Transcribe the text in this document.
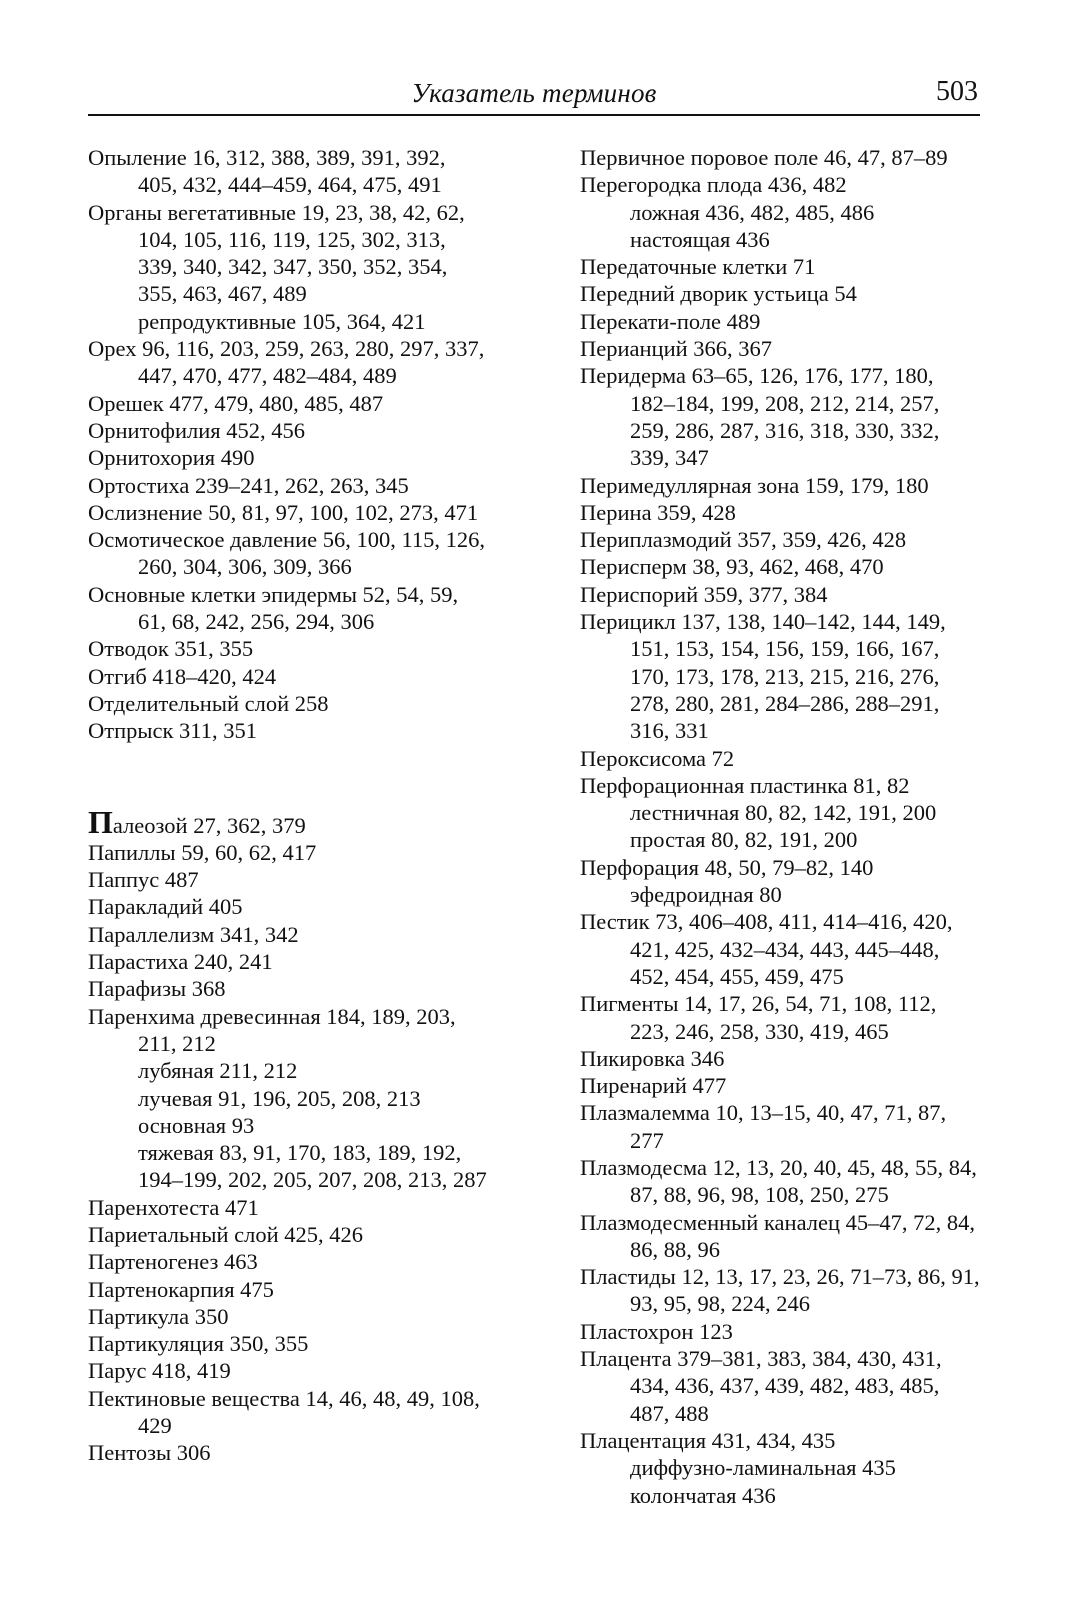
Указатель терминов	503
Опыление 16, 312, 388, 389, 391, 392, 405, 432, 444–459, 464, 475, 491
Органы вегетативные 19, 23, 38, 42, 62, 104, 105, 116, 119, 125, 302, 313, 339, 340, 342, 347, 350, 352, 354, 355, 463, 467, 489
репродуктивные 105, 364, 421
Орех 96, 116, 203, 259, 263, 280, 297, 337, 447, 470, 477, 482–484, 489
Орешек 477, 479, 480, 485, 487
Орнитофилия 452, 456
Орнитохория 490
Ортостиха 239–241, 262, 263, 345
Ослизнение 50, 81, 97, 100, 102, 273, 471
Осмотическое давление 56, 100, 115, 126, 260, 304, 306, 309, 366
Основные клетки эпидермы 52, 54, 59, 61, 68, 242, 256, 294, 306
Отводок 351, 355
Отгиб 418–420, 424
Отделительный слой 258
Отпрыск 311, 351
Палеозой 27, 362, 379
Папиллы 59, 60, 62, 417
Паппус 487
Паракладий 405
Параллелизм 341, 342
Парастиха 240, 241
Парафизы 368
Паренхима древесинная 184, 189, 203, 211, 212
лубяная 211, 212
лучевая 91, 196, 205, 208, 213
основная 93
тяжевая 83, 91, 170, 183, 189, 192, 194–199, 202, 205, 207, 208, 213, 287
Паренхотеста 471
Париетальный слой 425, 426
Партеногенез 463
Партенокарпия 475
Партикула 350
Партикуляция 350, 355
Парус 418, 419
Пектиновые вещества 14, 46, 48, 49, 108, 429
Пентозы 306
Первичное поровое поле 46, 47, 87–89
Перегородка плода 436, 482
ложная 436, 482, 485, 486
настоящая 436
Передаточные клетки 71
Передний дворик устьица 54
Перекати-поле 489
Перианций 366, 367
Перидерма 63–65, 126, 176, 177, 180, 182–184, 199, 208, 212, 214, 257, 259, 286, 287, 316, 318, 330, 332, 339, 347
Перимедуллярная зона 159, 179, 180
Перина 359, 428
Периплазмодий 357, 359, 426, 428
Перисперм 38, 93, 462, 468, 470
Периспорий 359, 377, 384
Перицикл 137, 138, 140–142, 144, 149, 151, 153, 154, 156, 159, 166, 167, 170, 173, 178, 213, 215, 216, 276, 278, 280, 281, 284–286, 288–291, 316, 331
Пероксисома 72
Перфорационная пластинка 81, 82
лестничная 80, 82, 142, 191, 200
простая 80, 82, 191, 200
Перфорация 48, 50, 79–82, 140
эфедроидная 80
Пестик 73, 406–408, 411, 414–416, 420, 421, 425, 432–434, 443, 445–448, 452, 454, 455, 459, 475
Пигменты 14, 17, 26, 54, 71, 108, 112, 223, 246, 258, 330, 419, 465
Пикировка 346
Пиренарий 477
Плазмалемма 10, 13–15, 40, 47, 71, 87, 277
Плазмодесма 12, 13, 20, 40, 45, 48, 55, 84, 87, 88, 96, 98, 108, 250, 275
Плазмодесменный каналец 45–47, 72, 84, 86, 88, 96
Пластиды 12, 13, 17, 23, 26, 71–73, 86, 91, 93, 95, 98, 224, 246
Пластохрон 123
Плацента 379–381, 383, 384, 430, 431, 434, 436, 437, 439, 482, 483, 485, 487, 488
Плацентация 431, 434, 435
диффузно-ламинальная 435
колончатая 436
